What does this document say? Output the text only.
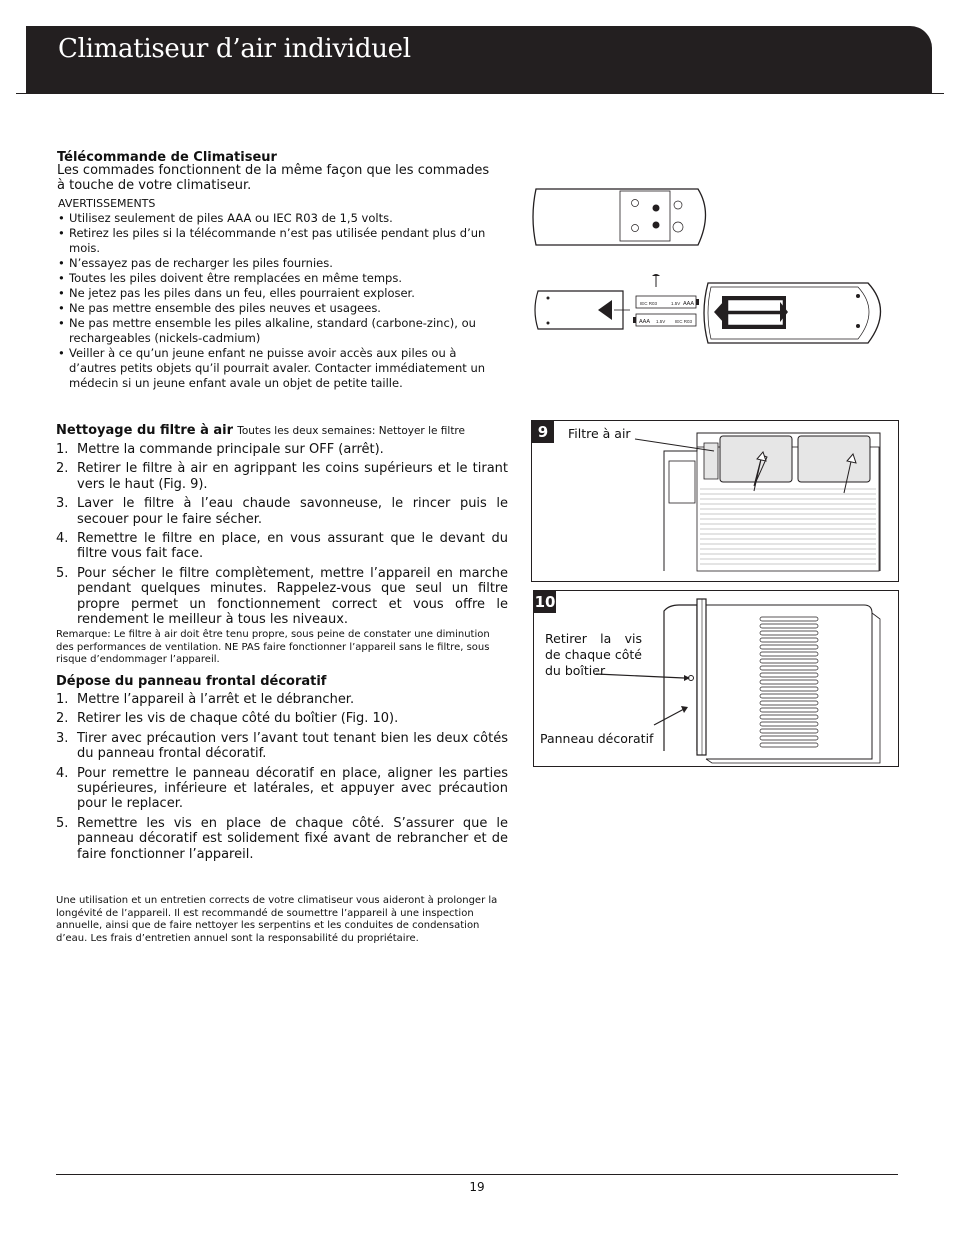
Climatiseur d’air individuel
Télécommande de Climatiseur

Les commades fonctionnent de la même façon que les commades à touche de votre climatiseur.

AVERTISSEMENTS
• Utilisez seulement de piles AAA ou IEC R03 de 1,5 volts.
• Retirez les piles si la télécommande n’est pas utilisée pendant plus d’un mois.
• N’essayez pas de recharger les piles fournies.
• Toutes les piles doivent être remplacées en même temps.
• Ne jetez pas les piles dans un feu, elles pourraient exploser.
• Ne pas mettre ensemble des piles neuves et usagees.
• Ne pas mettre ensemble les piles alkaline, standard (carbone-zinc), ou rechargeables (nickels-cadmium)
• Veiller à ce qu’un jeune enfant ne puisse avoir accès aux piles ou à d’autres petits objets qu’il pourrait avaler. Contacter immédiatement un médecin si un jeune enfant avale un objet de petite taille.
AAA
1.5V
IEC R03
AAA 1.5V IEC R03
Nettoyage du filtre à air Toutes les deux semaines: Nettoyer le filtre
1. Mettre la commande principale sur OFF (arrêt).
2. Retirer le filtre à air en agrippant les coins supérieurs et le tirant vers le haut (Fig. 9).
3. Laver le filtre à l’eau chaude savonneuse, le rincer puis le secouer pour le faire sécher.
4. Remettre le filtre en place, en vous assurant que le devant du filtre vous fait face.
5. Pour sécher le filtre complètement, mettre l’appareil en marche pendant quelques minutes. Rappelez-vous que seul un filtre propre permet un fonctionnement correct et vous offre le rendement le meilleur à tous les niveaux.

Remarque: Le filtre à air doit être tenu propre, sous peine de constater une diminution des performances de ventilation. NE PAS faire fonctionner l’appareil sans le filtre, sous risque d’endommager l’appareil.

Dépose du panneau frontal décoratif
1. Mettre l’appareil à l’arrêt et le débrancher.
2. Retirer les vis de chaque côté du boîtier (Fig. 10).
3. Tirer avec précaution vers l’avant tout tenant bien les deux côtés du panneau frontal décoratif.
4. Pour remettre le panneau décoratif en place, aligner les parties supérieures, inférieure et latérales, et appuyer avec précaution pour le replacer.
5. Remettre les vis en place de chaque côté. S’assurer que le panneau décoratif est solidement fixé avant de rebrancher et de faire fonctionner l’appareil.

Une utilisation et un entretien corrects de votre climatiseur vous aideront à prolonger la longévité de l’appareil. Il est recommandé de soumettre l’appareil à une inspection annuelle, ainsi que de faire nettoyer les serpentins et les conduites de condensation d’eau. Les frais d’entretien annuel sont la responsabilité du propriétaire.

9	Filtre à air
10
Retirer la vis de chaque côté du boîtier
Panneau décoratif
19
